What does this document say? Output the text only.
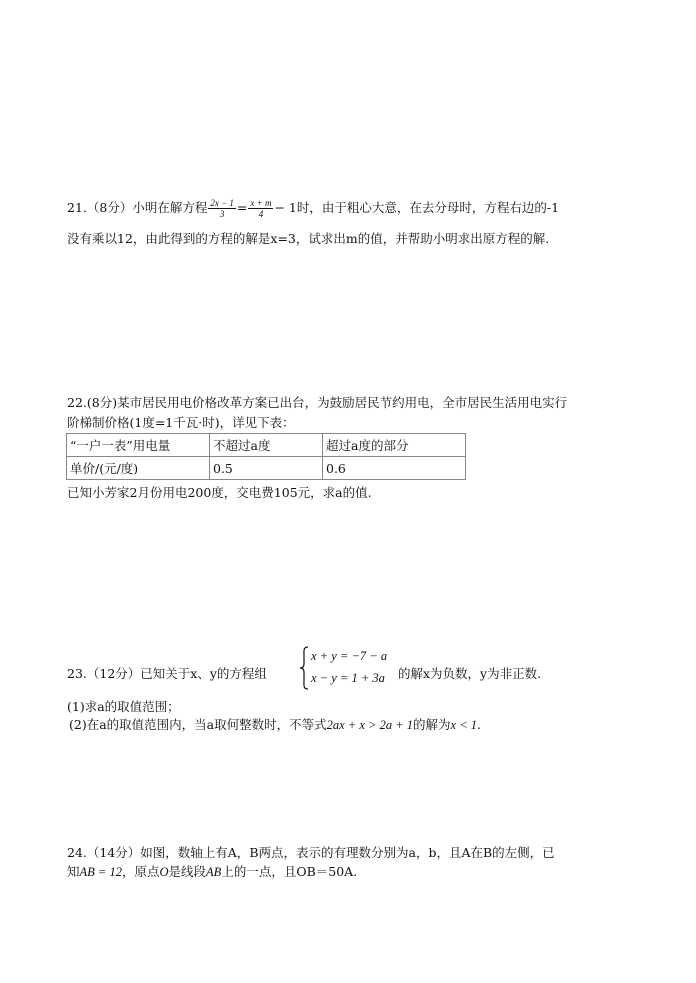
21.（8分）小明在解方程 $\frac{2x - 1}{3} = \frac{x + m}{4} - 1$时，由于粗心大意，在去分母时，方程右边的-1
没有乘以12，由此得到的方程的解是x=3，试求出m的值，并帮助小明求出原方程的解.
22.(8分)某市居民用电价格改革方案已出台，为鼓励居民节约用电，全市居民生活用电实行
阶梯制价格(1度=1千瓦·时)，详见下表：
“一户一表”用电量	不超过a度	超过a度的部分
单价/(元/度)	0.5	0.6
已知小芳家2月份用电200度，交电费105元，求a的值.
23.（12分）已知关于x、y的方程组
x + y = −7 − a
x − y = 1 + 3a 的解x为负数，y为非正数.
(1)求a的取值范围；
(2)在a的取值范围内，当a取何整数时，不等式2ax + x > 2a + 1的解为x < 1.
24.（14分）如图，数轴上有A，B两点，表示的有理数分别为a，b，且A在B的左侧，已
知AB = 12，原点O是线段AB上的一点，且OB＝50A.
